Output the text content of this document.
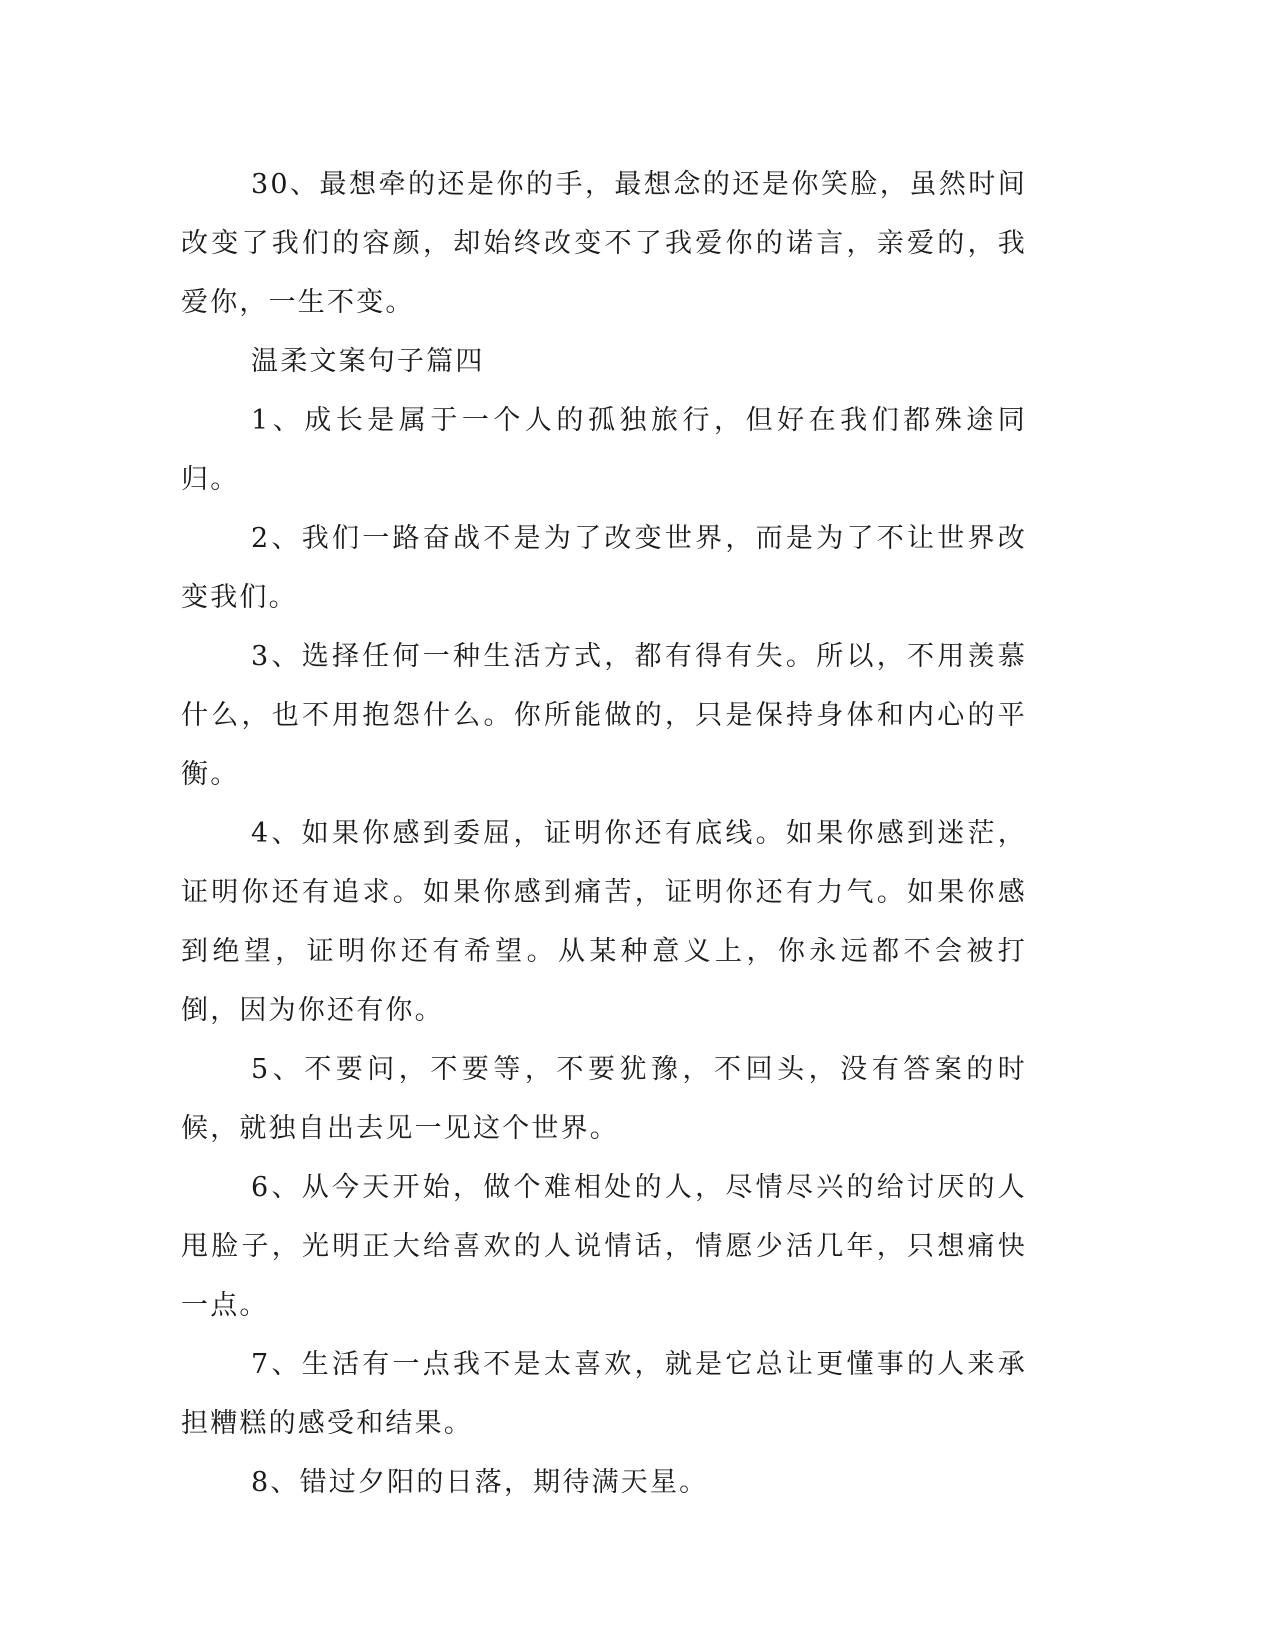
30、最想牵的还是你的手，最想念的还是你笑脸，虽然时间改变了我们的容颜，却始终改变不了我爱你的诺言，亲爱的，我爱你，一生不变。

温柔文案句子篇四

1、成长是属于一个人的孤独旅行，但好在我们都殊途同归。

2、我们一路奋战不是为了改变世界，而是为了不让世界改变我们。

3、选择任何一种生活方式，都有得有失。所以，不用羡慕什么，也不用抱怨什么。你所能做的，只是保持身体和内心的平衡。

4、如果你感到委屈，证明你还有底线。如果你感到迷茫，证明你还有追求。如果你感到痛苦，证明你还有力气。如果你感到绝望，证明你还有希望。从某种意义上，你永远都不会被打倒，因为你还有你。

5、不要问，不要等，不要犹豫，不回头，没有答案的时候，就独自出去见一见这个世界。

6、从今天开始，做个难相处的人，尽情尽兴的给讨厌的人甩脸子，光明正大给喜欢的人说情话，情愿少活几年，只想痛快一点。

7、生活有一点我不是太喜欢，就是它总让更懂事的人来承担糟糕的感受和结果。

8、错过夕阳的日落，期待满天星。
